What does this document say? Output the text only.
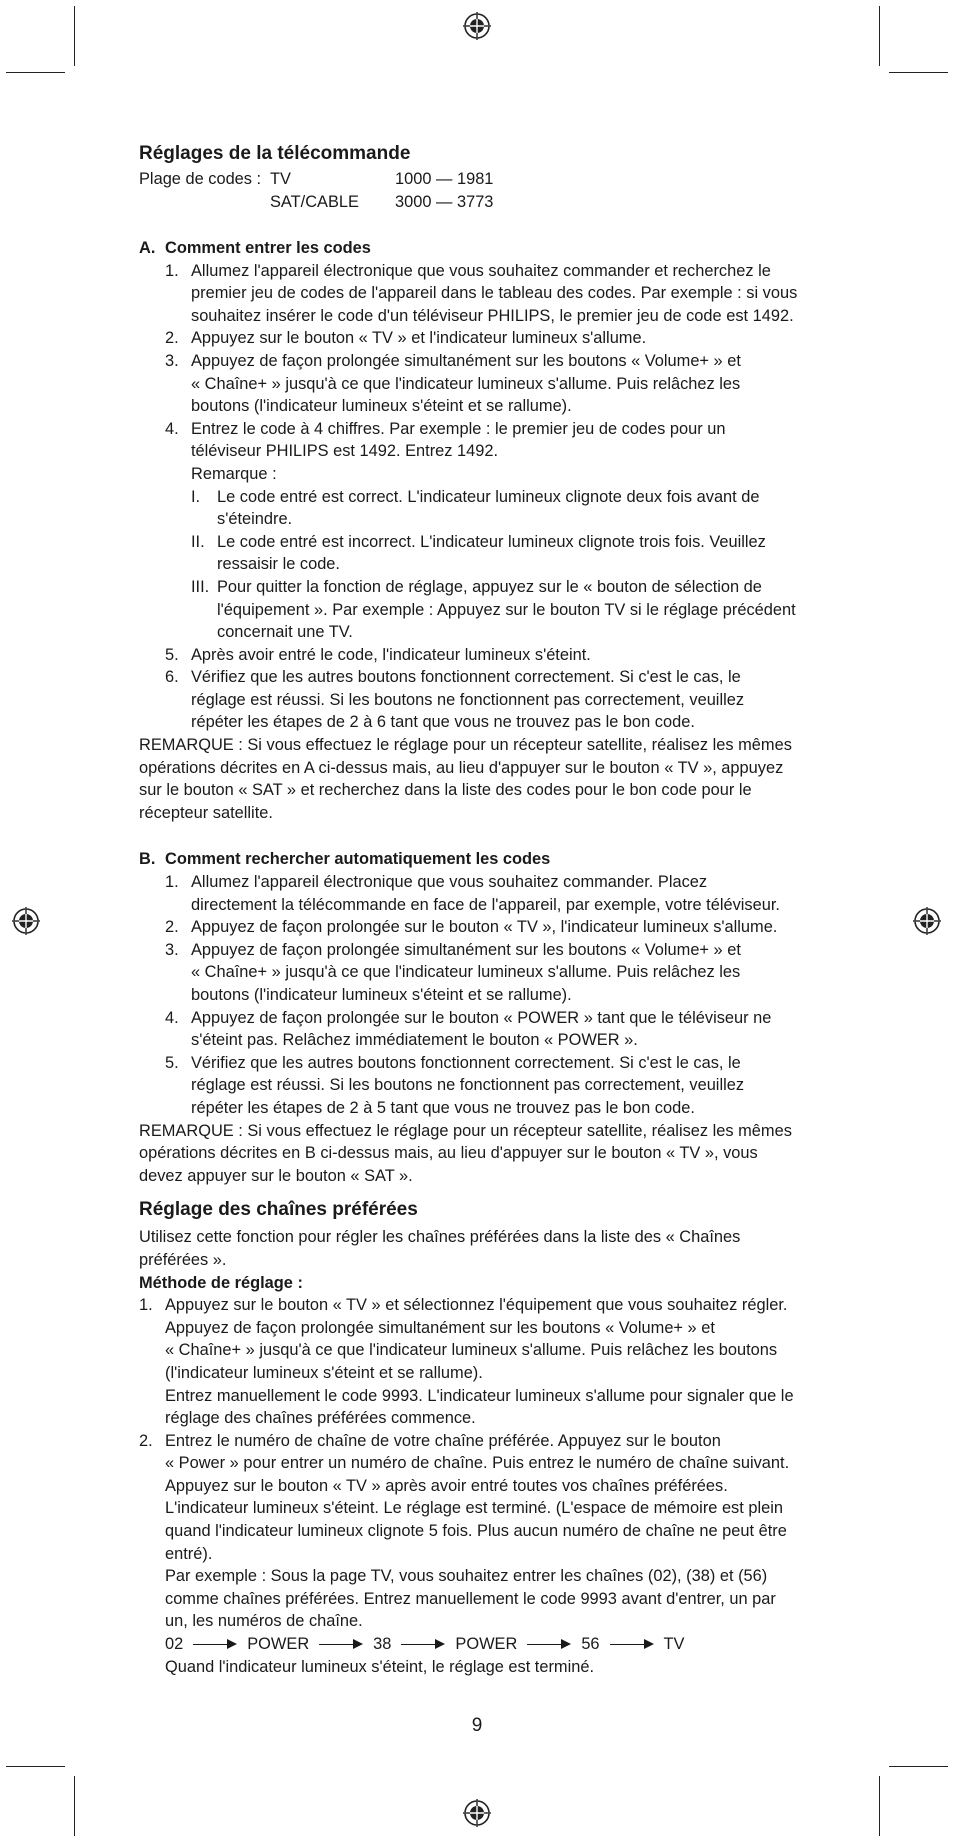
Réglages de la télécommande
Plage de codes : TV	1000 — 1981
SAT/CABLE 3000 — 3773
A. Comment entrer les codes
1. Allumez l'appareil électronique que vous souhaitez commander et recherchez le
premier jeu de codes de l'appareil dans le tableau des codes. Par exemple : si vous
souhaitez insérer le code d'un téléviseur PHILIPS, le premier jeu de code est 1492.
2. Appuyez sur le bouton « TV » et l'indicateur lumineux s'allume.
3. Appuyez de façon prolongée simultanément sur les boutons « Volume+ » et
« Chaîne+ » jusqu'à ce que l'indicateur lumineux s'allume. Puis relâchez les
boutons (l'indicateur lumineux s'éteint et se rallume).
4. Entrez le code à 4 chiffres. Par exemple : le premier jeu de codes pour un
téléviseur PHILIPS est 1492. Entrez 1492.
Remarque :
I. Le code entré est correct. L'indicateur lumineux clignote deux fois avant de
s'éteindre.
II. Le code entré est incorrect. L'indicateur lumineux clignote trois fois. Veuillez
ressaisir le code.
III. Pour quitter la fonction de réglage, appuyez sur le « bouton de sélection de
l'équipement ». Par exemple : Appuyez sur le bouton TV si le réglage précédent
concernait une TV.
5. Après avoir entré le code, l'indicateur lumineux s'éteint.
6. Vérifiez que les autres boutons fonctionnent correctement. Si c'est le cas, le
réglage est réussi. Si les boutons ne fonctionnent pas correctement, veuillez
répéter les étapes de 2 à 6 tant que vous ne trouvez pas le bon code.
REMARQUE : Si vous effectuez le réglage pour un récepteur satellite, réalisez les mêmes
opérations décrites en A ci-dessus mais, au lieu d'appuyer sur le bouton « TV », appuyez
sur le bouton « SAT » et recherchez dans la liste des codes pour le bon code pour le
récepteur satellite.
B. Comment rechercher automatiquement les codes
1. Allumez l'appareil électronique que vous souhaitez commander. Placez
directement la télécommande en face de l'appareil, par exemple, votre téléviseur.
2. Appuyez de façon prolongée sur le bouton « TV », l'indicateur lumineux s'allume.
3. Appuyez de façon prolongée simultanément sur les boutons « Volume+ » et
« Chaîne+ » jusqu'à ce que l'indicateur lumineux s'allume. Puis relâchez les
boutons (l'indicateur lumineux s'éteint et se rallume).
4. Appuyez de façon prolongée sur le bouton « POWER » tant que le téléviseur ne
s'éteint pas. Relâchez immédiatement le bouton « POWER ».
5. Vérifiez que les autres boutons fonctionnent correctement. Si c'est le cas, le
réglage est réussi. Si les boutons ne fonctionnent pas correctement, veuillez
répéter les étapes de 2 à 5 tant que vous ne trouvez pas le bon code.
REMARQUE : Si vous effectuez le réglage pour un récepteur satellite, réalisez les mêmes
opérations décrites en B ci-dessus mais, au lieu d'appuyer sur le bouton « TV », vous
devez appuyer sur le bouton « SAT ».
Réglage des chaînes préférées
Utilisez cette fonction pour régler les chaînes préférées dans la liste des « Chaînes
préférées ».
Méthode de réglage :
1. Appuyez sur le bouton « TV » et sélectionnez l'équipement que vous souhaitez régler.
Appuyez de façon prolongée simultanément sur les boutons « Volume+ » et
« Chaîne+ » jusqu'à ce que l'indicateur lumineux s'allume. Puis relâchez les boutons
(l'indicateur lumineux s'éteint et se rallume).
Entrez manuellement le code 9993. L'indicateur lumineux s'allume pour signaler que le
réglage des chaînes préférées commence.
2. Entrez le numéro de chaîne de votre chaîne préférée. Appuyez sur le bouton
« Power » pour entrer un numéro de chaîne. Puis entrez le numéro de chaîne suivant.
Appuyez sur le bouton « TV » après avoir entré toutes vos chaînes préférées.
L'indicateur lumineux s'éteint. Le réglage est terminé. (L'espace de mémoire est plein
quand l'indicateur lumineux clignote 5 fois. Plus aucun numéro de chaîne ne peut être
entré).
Par exemple : Sous la page TV, vous souhaitez entrer les chaînes (02), (38) et (56)
comme chaînes préférées. Entrez manuellement le code 9993 avant d'entrer, un par
un, les numéros de chaîne.
02	POWER	38	POWER	56	TV
Quand l'indicateur lumineux s'éteint, le réglage est terminé.
9
